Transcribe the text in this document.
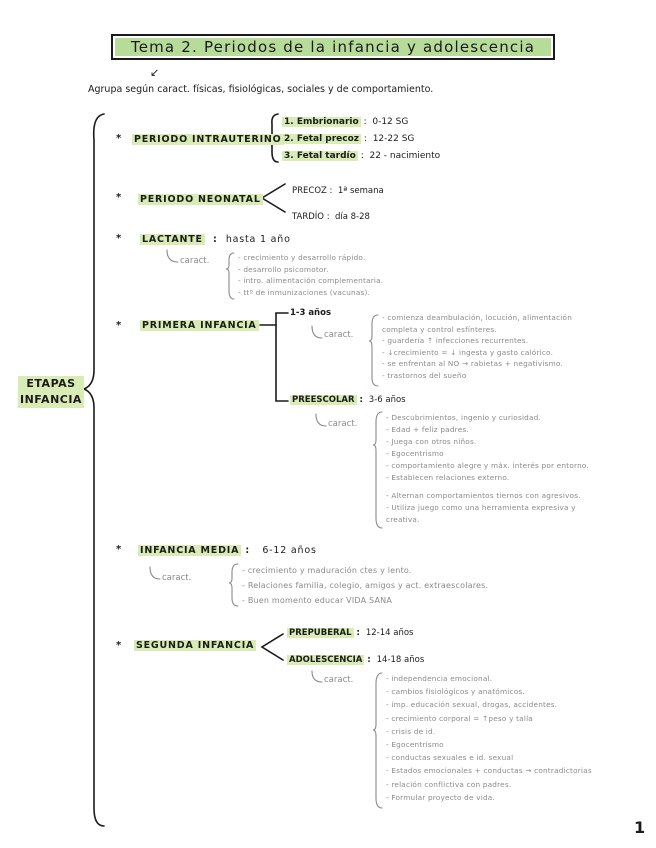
Tema 2. Periodos de la infancia y adolescencia
Agrupa según caract. físicas, fisiológicas, sociales y de comportamiento.
↙
ETAPAS
INFANCIA
* PERIODO INTRAUTERINO
1. Embrionario : 0-12 SG
2. Fetal precoz : 12-22 SG
3. Fetal tardío : 22 - nacimiento
* PERIODO NEONATAL
PRECOZ :  1ª semana
TARDÍO :  día 8-28
* LACTANTE  :  hasta 1 año
caract.	- crecimiento y desarrollo rápido.
- desarrollo psicomotor.
- intro. alimentación complementaria.
- ttº de inmunizaciones (vacunas).
* PRIMERA INFANCIA
1-3 años
caract.
- comienza deambulación, locución, alimentación
completa y control esfínteres.
- guardería ↑ infecciones recurrentes.
- ↓crecimiento = ↓ ingesta y gasto calórico.
- se enfrentan al NO → rabietas + negativismo.
- trastornos del sueño
PREESCOLAR :  3-6 años
caract.
- Descubrimientos, ingenio y curiosidad.
- Edad + feliz padres.
- Juega con otros niños.
- Egocentrismo
- comportamiento alegre y máx. interés por entorno.
- Establecen relaciones externo.
- Alternan comportamientos tiernos con agresivos.
- Utiliza juego como una herramienta expresiva y
creativa.
* INFANCIA MEDIA :   6-12 años
caract.
- crecimiento y maduración ctes y lento.
- Relaciones familia, colegio, amigos y act. extraescolares.
- Buen momento educar VIDA SANA
* SEGUNDA INFANCIA
PREPUBERAL :  12-14 años
ADOLESCENCIA :  14-18 años
caract.	- independencia emocional.
- cambios fisiológicos y anatómicos.
- imp. educación sexual, drogas, accidentes.
- crecimiento corporal = ↑peso y talla
- crisis de id.
- Egocentrismo
- conductas sexuales e id. sexual
- Estados emocionales + conductas → contradictorias
- relación conflictiva con padres.
- Formular proyecto de vida.
1
